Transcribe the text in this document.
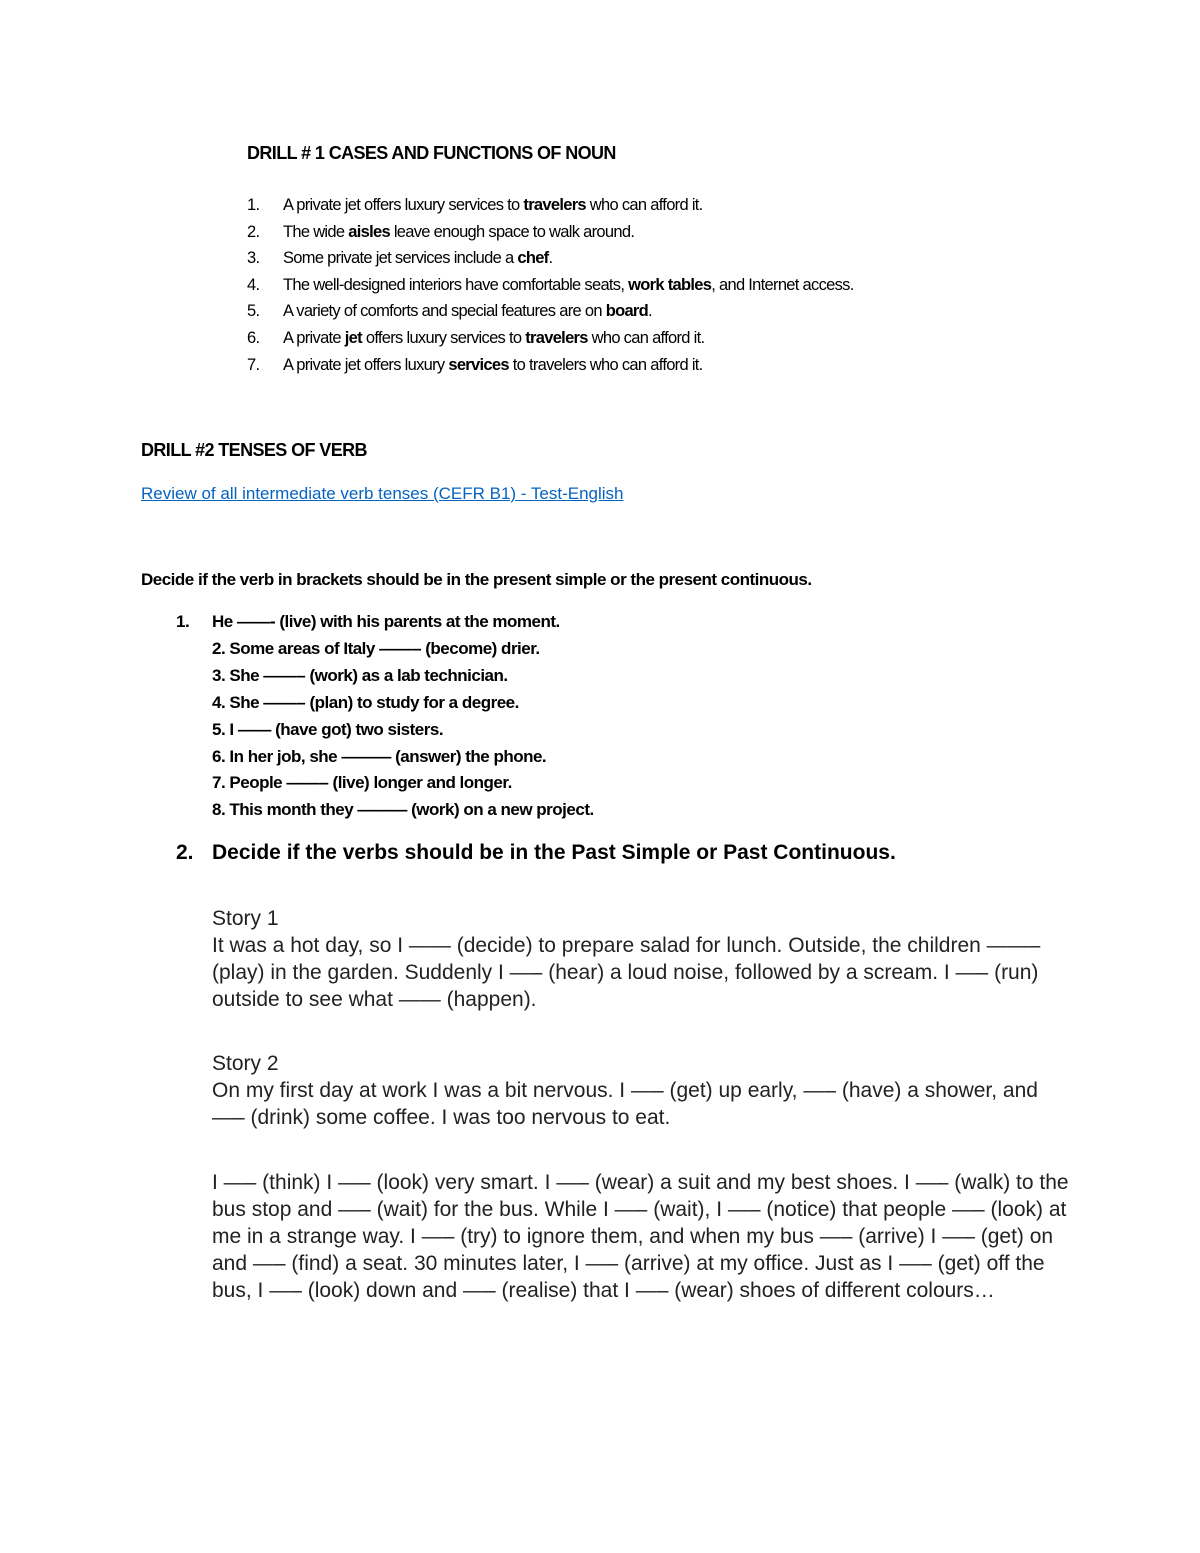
DRILL # 1 CASES AND FUNCTIONS OF NOUN
1. A private jet offers luxury services to travelers who can afford it.
2. The wide aisles leave enough space to walk around.
3. Some private jet services include a chef.
4. The well-designed interiors have comfortable seats, work tables, and Internet access.
5. A variety of comforts and special features are on board.
6. A private jet offers luxury services to travelers who can afford it.
7. A private jet offers luxury services to travelers who can afford it.
DRILL #2 TENSES OF VERB
Review of all intermediate verb tenses (CEFR B1) - Test-English
Decide if the verb in brackets should be in the present simple or the present continuous.
1. He ——- (live) with his parents at the moment.
2. Some areas of Italy ——– (become) drier.
3. She ——– (work) as a lab technician.
4. She ——– (plan) to study for a degree.
5. I —— (have got) two sisters.
6. In her job, she ——— (answer) the phone.
7. People ——– (live) longer and longer.
8. This month they ——— (work) on a new project.
2. Decide if the verbs should be in the Past Simple or Past Continuous.

Story 1

It was a hot day, so I —— (decide) to prepare salad for lunch. Outside, the children ——– (play) in the garden. Suddenly I —– (hear) a loud noise, followed by a scream. I —– (run) outside to see what —— (happen).

Story 2

On my first day at work I was a bit nervous. I —– (get) up early, —– (have) a shower, and —– (drink) some coffee. I was too nervous to eat.

I —– (think) I —– (look) very smart. I —– (wear) a suit and my best shoes. I —– (walk) to the bus stop and —– (wait) for the bus. While I —– (wait), I —– (notice) that people —– (look) at me in a strange way. I —– (try) to ignore them, and when my bus —– (arrive) I —– (get) on and —– (find) a seat. 30 minutes later, I —– (arrive) at my office. Just as I —– (get) off the bus, I —– (look) down and —– (realise) that I —– (wear) shoes of different colours…
